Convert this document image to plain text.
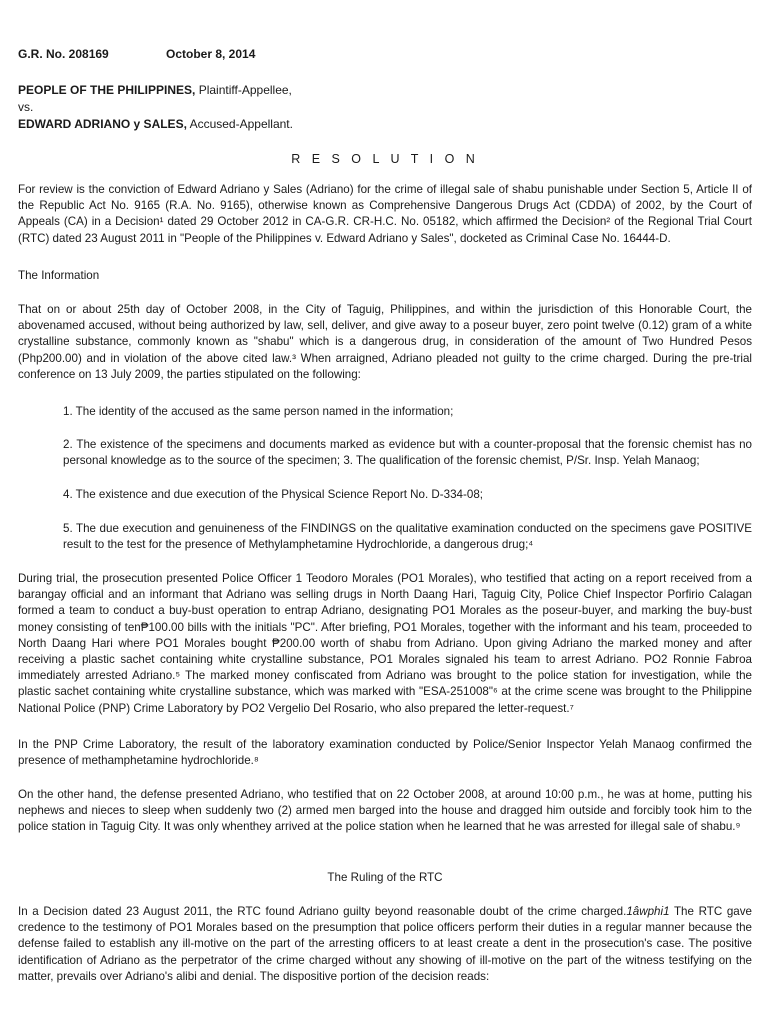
G.R. No. 208169	October 8, 2014
PEOPLE OF THE PHILIPPINES, Plaintiff-Appellee,
vs.
EDWARD ADRIANO y SALES, Accused-Appellant.
R E S O L U T I O N
For review is the conviction of Edward Adriano y Sales (Adriano) for the crime of illegal sale of shabu punishable under Section 5, Article II of the Republic Act No. 9165 (R.A. No. 9165), otherwise known as Comprehensive Dangerous Drugs Act (CDDA) of 2002, by the Court of Appeals (CA) in a Decision¹ dated 29 October 2012 in CA-G.R. CR-H.C. No. 05182, which affirmed the Decision² of the Regional Trial Court (RTC) dated 23 August 2011 in "People of the Philippines v. Edward Adriano y Sales", docketed as Criminal Case No. 16444-D.
The Information
That on or about 25th day of October 2008, in the City of Taguig, Philippines, and within the jurisdiction of this Honorable Court, the abovenamed accused, without being authorized by law, sell, deliver, and give away to a poseur buyer, zero point twelve (0.12) gram of a white crystalline substance, commonly known as "shabu" which is a dangerous drug, in consideration of the amount of Two Hundred Pesos (Php200.00) and in violation of the above cited law.³ When arraigned, Adriano pleaded not guilty to the crime charged. During the pre-trial conference on 13 July 2009, the parties stipulated on the following:
1. The identity of the accused as the same person named in the information;
2. The existence of the specimens and documents marked as evidence but with a counter-proposal that the forensic chemist has no personal knowledge as to the source of the specimen; 3. The qualification of the forensic chemist, P/Sr. Insp. Yelah Manaog;
4. The existence and due execution of the Physical Science Report No. D-334-08;
5. The due execution and genuineness of the FINDINGS on the qualitative examination conducted on the specimens gave POSITIVE result to the test for the presence of Methylamphetamine Hydrochloride, a dangerous drug;⁴
During trial, the prosecution presented Police Officer 1 Teodoro Morales (PO1 Morales), who testified that acting on a report received from a barangay official and an informant that Adriano was selling drugs in North Daang Hari, Taguig City, Police Chief Inspector Porfirio Calagan formed a team to conduct a buy-bust operation to entrap Adriano, designating PO1 Morales as the poseur-buyer, and marking the buy-bust money consisting of ten₱100.00 bills with the initials "PC". After briefing, PO1 Morales, together with the informant and his team, proceeded to North Daang Hari where PO1 Morales bought ₱200.00 worth of shabu from Adriano. Upon giving Adriano the marked money and after receiving a plastic sachet containing white crystalline substance, PO1 Morales signaled his team to arrest Adriano. PO2 Ronnie Fabroa immediately arrested Adriano.⁵ The marked money confiscated from Adriano was brought to the police station for investigation, while the plastic sachet containing white crystalline substance, which was marked with "ESA-251008"⁶ at the crime scene was brought to the Philippine National Police (PNP) Crime Laboratory by PO2 Vergelio Del Rosario, who also prepared the letter-request.⁷
In the PNP Crime Laboratory, the result of the laboratory examination conducted by Police/Senior Inspector Yelah Manaog confirmed the presence of methamphetamine hydrochloride.⁸
On the other hand, the defense presented Adriano, who testified that on 22 October 2008, at around 10:00 p.m., he was at home, putting his nephews and nieces to sleep when suddenly two (2) armed men barged into the house and dragged him outside and forcibly took him to the police station in Taguig City. It was only whenthey arrived at the police station when he learned that he was arrested for illegal sale of shabu.⁹
The Ruling of the RTC
In a Decision dated 23 August 2011, the RTC found Adriano guilty beyond reasonable doubt of the crime charged.1âwphi1 The RTC gave credence to the testimony of PO1 Morales based on the presumption that police officers perform their duties in a regular manner because the defense failed to establish any ill-motive on the part of the arresting officers to at least create a dent in the prosecution's case. The positive identification of Adriano as the perpetrator of the crime charged without any showing of ill-motive on the part of the witness testifying on the matter, prevails over Adriano's alibi and denial. The dispositive portion of the decision reads:
